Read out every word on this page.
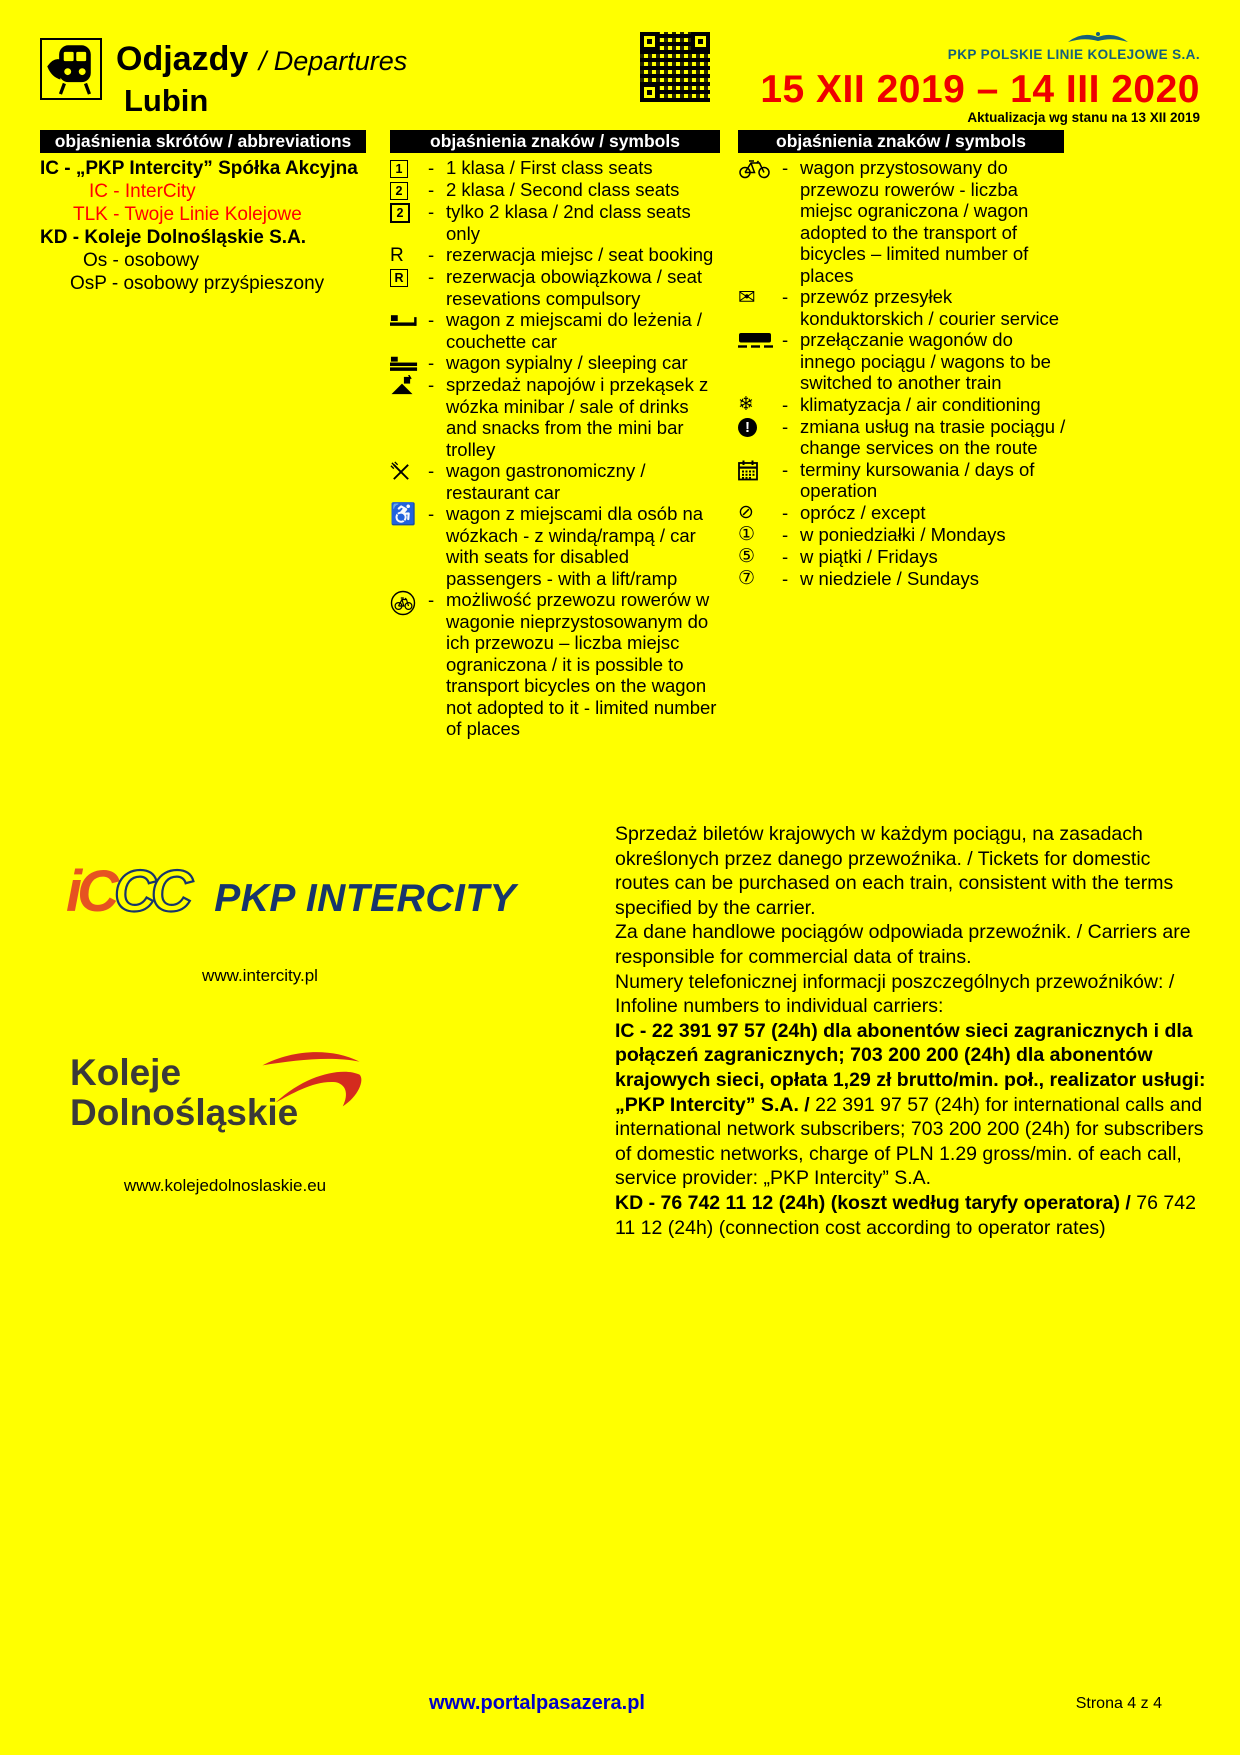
Odjazdy / Departures
Lubin
PKP POLSKIE LINIE KOLEJOWE S.A.
15 XII 2019 – 14 III 2020
Aktualizacja wg stanu na 13 XII 2019
objaśnienia skrótów / abbreviations	objaśnienia znaków / symbols	objaśnienia znaków / symbols
IC - „PKP Intercity” Spółka Akcyjna
IC - InterCity
TLK - Twoje Linie Kolejowe
KD - Koleje Dolnośląskie S.A.
Os - osobowy
OsP - osobowy przyśpieszony
1 - 1 klasa / First class seats
2 - 2 klasa / Second class seats
2	- tylko 2 klasa / 2nd class seats only
R - rezerwacja miejsc / seat booking
R - rezerwacja obowiązkowa / seat resevations compulsory
- wagon z miejscami do leżenia / couchette car
- wagon sypialny / sleeping car
- sprzedaż napojów i przekąsek z wózka minibar / sale of drinks and snacks from the mini bar trolley
- wagon gastronomiczny / restaurant car
♿ - wagon z miejscami dla osób na wózkach - z windą/rampą / car with seats for disabled passengers - with a lift/ramp
- możliwość przewozu rowerów w wagonie nieprzystosowanym do ich przewozu – liczba miejsc ograniczona / it is possible to transport bicycles on the wagon not adopted to it - limited number of places
- wagon przystosowany do przewozu rowerów - liczba miejsc ograniczona / wagon adopted to the transport of bicycles – limited number of places
✉ - przewóz przesyłek konduktorskich / courier service
- przełączanie wagonów do innego pociągu / wagons to be switched to another train
❄ - klimatyzacja / air conditioning
!	- zmiana usług na trasie pociągu / change services on the route
- terminy kursowania / days of operation
⊘ - oprócz / except
① - w poniedziałki / Mondays
⑤ - w piątki / Fridays
⑦ - w niedziele / Sundays
iCCC PKP INTERCITY
www.intercity.pl
Koleje
Dolnośląskie
www.kolejedolnoslaskie.eu
Sprzedaż biletów krajowych w każdym pociągu, na zasadach określonych przez danego przewoźnika. / Tickets for domestic routes can be purchased on each train, consistent with the terms specified by the carrier.
Za dane handlowe pociągów odpowiada przewoźnik. / Carriers are responsible for commercial data of trains.
Numery telefonicznej informacji poszczególnych przewoźników: / Infoline numbers to individual carriers:
IC - 22 391 97 57 (24h) dla abonentów sieci zagranicznych i dla połączeń zagranicznych; 703 200 200 (24h) dla abonentów krajowych sieci, opłata 1,29 zł brutto/min. poł., realizator usługi: „PKP Intercity” S.A. / 22 391 97 57 (24h) for international calls and international network subscribers; 703 200 200 (24h) for subscribers of domestic networks, charge of PLN 1.29 gross/min. of each call, service provider: „PKP Intercity” S.A.
KD - 76 742 11 12 (24h) (koszt według taryfy operatora) / 76 742 11 12 (24h) (connection cost according to operator rates)
www.portalpasazera.pl	Strona 4 z 4
